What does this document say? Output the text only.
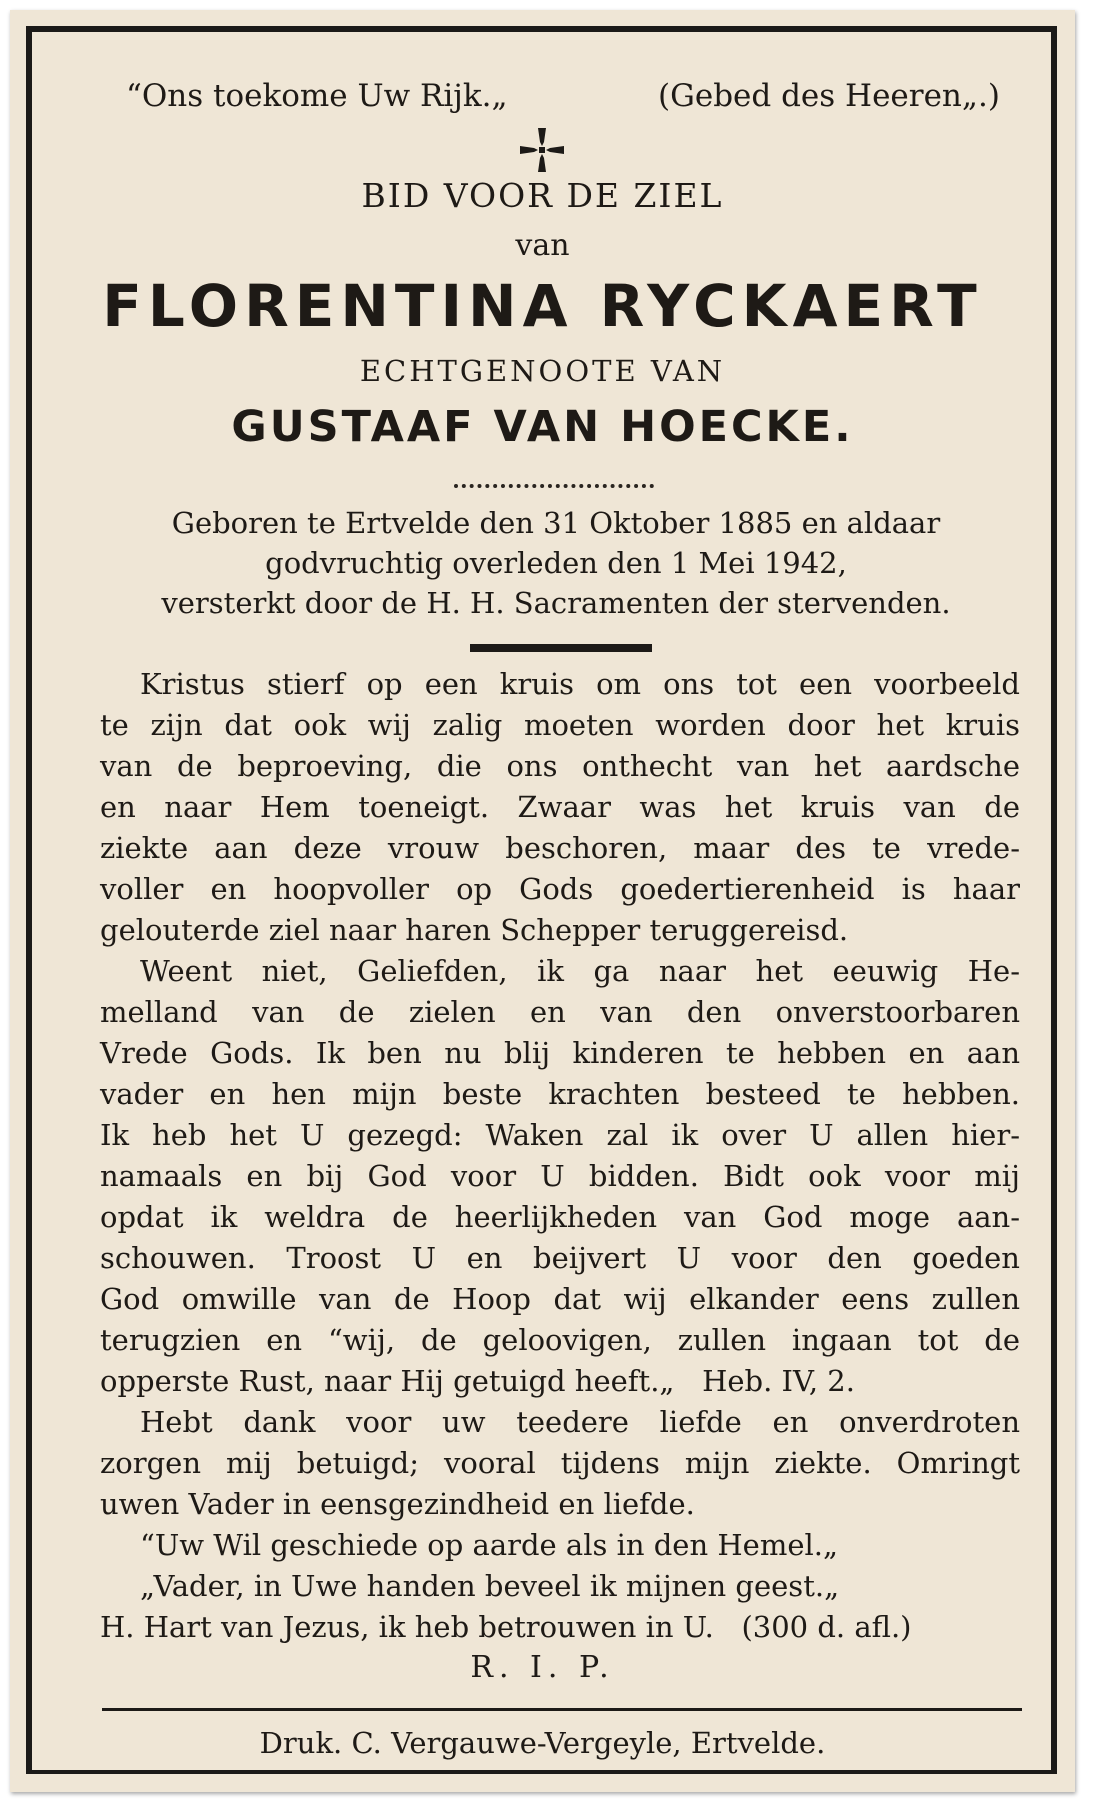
“Ons toekome Uw Rijk.„	(Gebed des Heeren„.)
BID VOOR DE ZIEL
van
FLORENTINA RYCKAERT
ECHTGENOOTE VAN
GUSTAAF VAN HOECKE.
Geboren te Ertvelde den 31 Oktober 1885 en aldaar
godvruchtig overleden den 1 Mei 1942,
versterkt door de H. H. Sacramenten der stervenden.

Kristus stierf op een kruis om ons tot een voorbeeld

te zijn dat ook wij zalig moeten worden door het kruis

van de beproeving, die ons onthecht van het aardsche

en naar Hem toeneigt. Zwaar was het kruis van de

ziekte aan deze vrouw beschoren, maar des te vrede-

voller en hoopvoller op Gods goedertierenheid is haar

gelouterde ziel naar haren Schepper teruggereisd.

Weent niet, Geliefden, ik ga naar het eeuwig He-

melland van de zielen en van den onverstoorbaren

Vrede Gods. Ik ben nu blij kinderen te hebben en aan

vader en hen mijn beste krachten besteed te hebben.

Ik heb het U gezegd: Waken zal ik over U allen hier-

namaals en bij God voor U bidden. Bidt ook voor mij

opdat ik weldra de heerlijkheden van God moge aan-

schouwen. Troost U en beijvert U voor den goeden

God omwille van de Hoop dat wij elkander eens zullen

terugzien en “wij, de geloovigen, zullen ingaan tot de

opperste Rust, naar Hij getuigd heeft.„   Heb. IV, 2.

Hebt dank voor uw teedere liefde en onverdroten

zorgen mij betuigd; vooral tijdens mijn ziekte. Omringt

uwen Vader in eensgezindheid en liefde.

“Uw Wil geschiede op aarde als in den Hemel.„

„Vader, in Uwe handen beveel ik mijnen geest.„

H. Hart van Jezus, ik heb betrouwen in U.   (300 d. afl.)

R. I. P.
Druk. C. Vergauwe-Vergeyle, Ertvelde.
